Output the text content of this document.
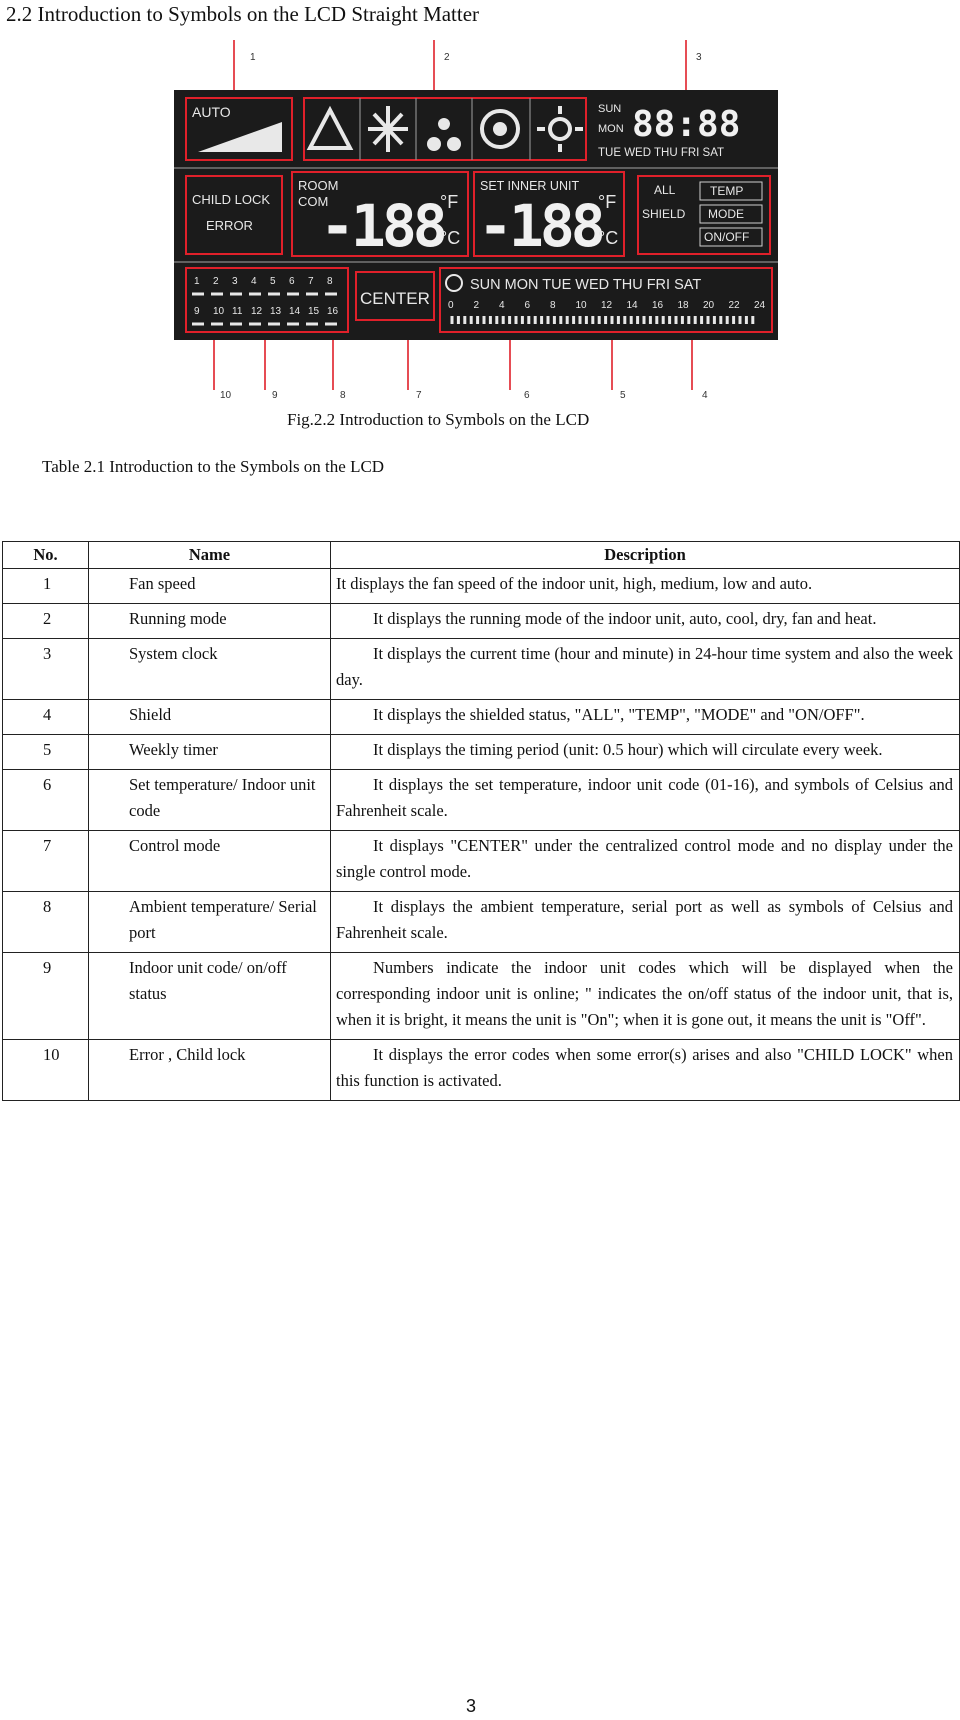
2.2 Introduction to Symbols on the LCD Straight Matter
1	2	3
AUTO	SUN
MON 88:88
TUE WED THU FRI SAT
CHILD LOCK
ERROR
ROOM
COM
-188
°F
°C
SET INNER UNIT
-188
°F
°C
ALL	TEMP
SHIELD MODE
ON/OFF
1 2 3 4 5 6 7 8
9 10 11 12 13 14 15 16
CENTER
SUN MON TUE WED THU FRI SAT
0 2 4 6 8 10 12 14 16 18 20 22 24
10	9	8	7	6	5	4
Fig.2.2 Introduction to Symbols on the LCD
Table 2.1 Introduction to the Symbols on the LCD
No.	Name	Description
1	Fan speed	It displays the fan speed of the indoor unit, high, medium, low and auto.
2	Running mode	It displays the running mode of the indoor unit, auto, cool, dry, fan and heat.
3	System clock	It displays the current time (hour and minute) in 24-hour time system and also the week day.
4	Shield	It displays the shielded status, "ALL", "TEMP", "MODE" and "ON/OFF".
5	Weekly timer	It displays the timing period (unit: 0.5 hour) which will circulate every week.
6	Set temperature/ Indoor unit code	It displays the set temperature, indoor unit code (01-16), and symbols of Celsius and Fahrenheit scale.
7	Control mode	It displays "CENTER" under the centralized control mode and no display under the single control mode.
8	Ambient temperature/ Serial port	It displays the ambient temperature, serial port as well as symbols of Celsius and Fahrenheit scale.
9	Indoor unit code/ on/off status	Numbers indicate the indoor unit codes which will be displayed when the corresponding indoor unit is online; " indicates the on/off status of the indoor unit, that is, when it is bright, it means the unit is "On"; when it is gone out, it means the unit is "Off".
10	Error , Child lock	It displays the error codes when some error(s) arises and also "CHILD LOCK" when this function is activated.
3
